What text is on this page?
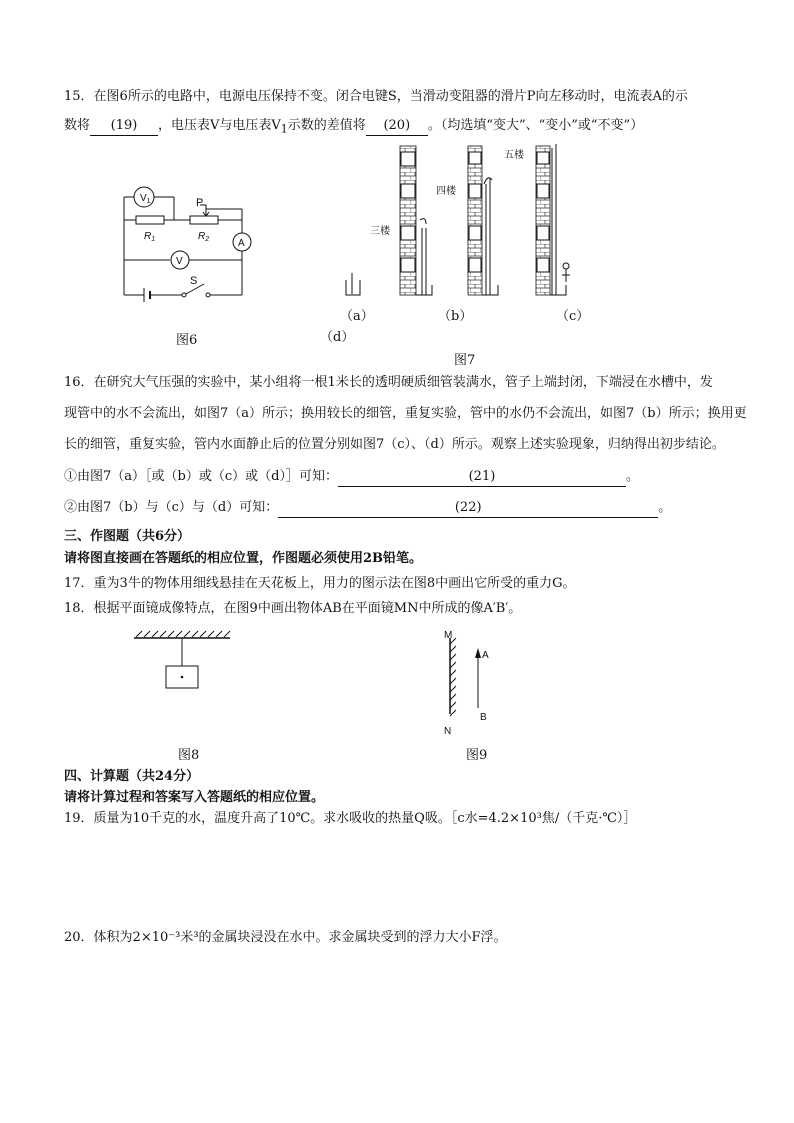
15．在图6所示的电路中，电源电压保持不变。闭合电键S，当滑动变阻器的滑片P向左移动时，电流表A的示
数将 (19) ，电压表V与电压表$V_1$示数的差值将 (20) 。（均选填“变大”、“变小”或“不变”）
$V_1$	P
$R_1$	$R_2$	A
V
S
图6
三楼
四楼
五楼
（a）	（b）	（c）
（d）
图7
16．在研究大气压强的实验中，某小组将一根1米长的透明硬质细管装满水，管子上端封闭，下端浸在水槽中，发
现管中的水不会流出，如图7（a）所示；换用较长的细管，重复实验，管中的水仍不会流出，如图7（b）所示；换用更
长的细管，重复实验，管内水面静止后的位置分别如图7（c）、（d）所示。观察上述实验现象，归纳得出初步结论。
①由图7（a）［或（b）或（c）或（d）］可知：	(21)	。
②由图7（b）与（c）与（d）可知：	(22)	。
三、作图题（共6分）
请将图直接画在答题纸的相应位置，作图题必须使用2B铅笔。
17．重为3牛的物体用细线悬挂在天花板上，用力的图示法在图8中画出它所受的重力G。
18．根据平面镜成像特点，在图9中画出物体AB在平面镜MN中所成的像A′B′。
图8
M
N
A
B
图9
四、计算题（共24分）
请将计算过程和答案写入答题纸的相应位置。
19．质量为10千克的水，温度升高了10℃。求水吸收的热量Q吸。［c水=4.2×10³焦/（千克·℃）］
20．体积为2×10⁻³米³的金属块浸没在水中。求金属块受到的浮力大小F浮。
